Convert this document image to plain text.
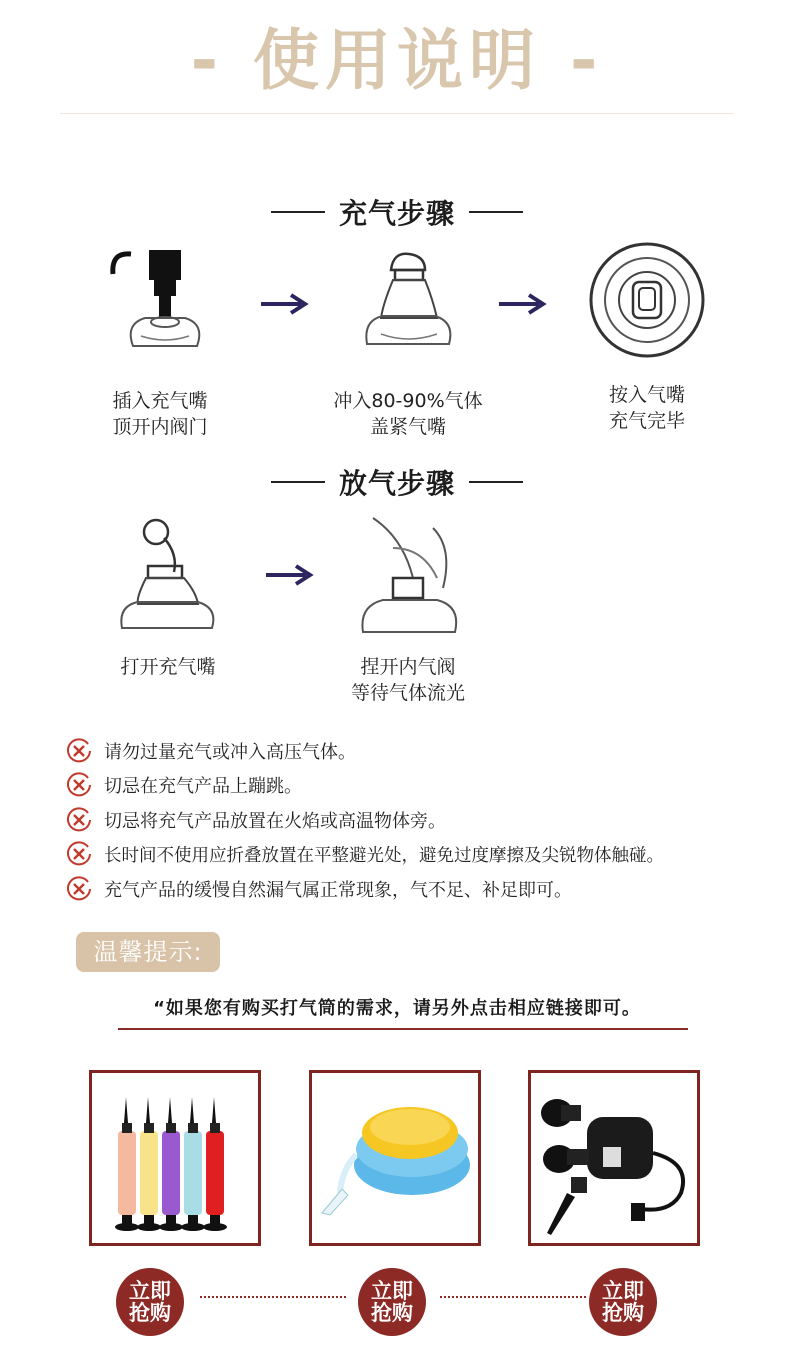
- 使用说明 -
充气步骤
插入充气嘴
顶开内阀门
冲入80-90%气体
盖紧气嘴
按入气嘴
充气完毕
放气步骤
打开充气嘴	捏开内气阀
等待气体流光
请勿过量充气或冲入高压气体。
切忌在充气产品上蹦跳。
切忌将充气产品放置在火焰或高温物体旁。
长时间不使用应折叠放置在平整避光处，避免过度摩擦及尖锐物体触碰。
充气产品的缓慢自然漏气属正常现象，气不足、补足即可。
温馨提示:
“如果您有购买打气筒的需求，请另外点击相应链接即可。
立即
抢购
立即
抢购
立即
抢购
